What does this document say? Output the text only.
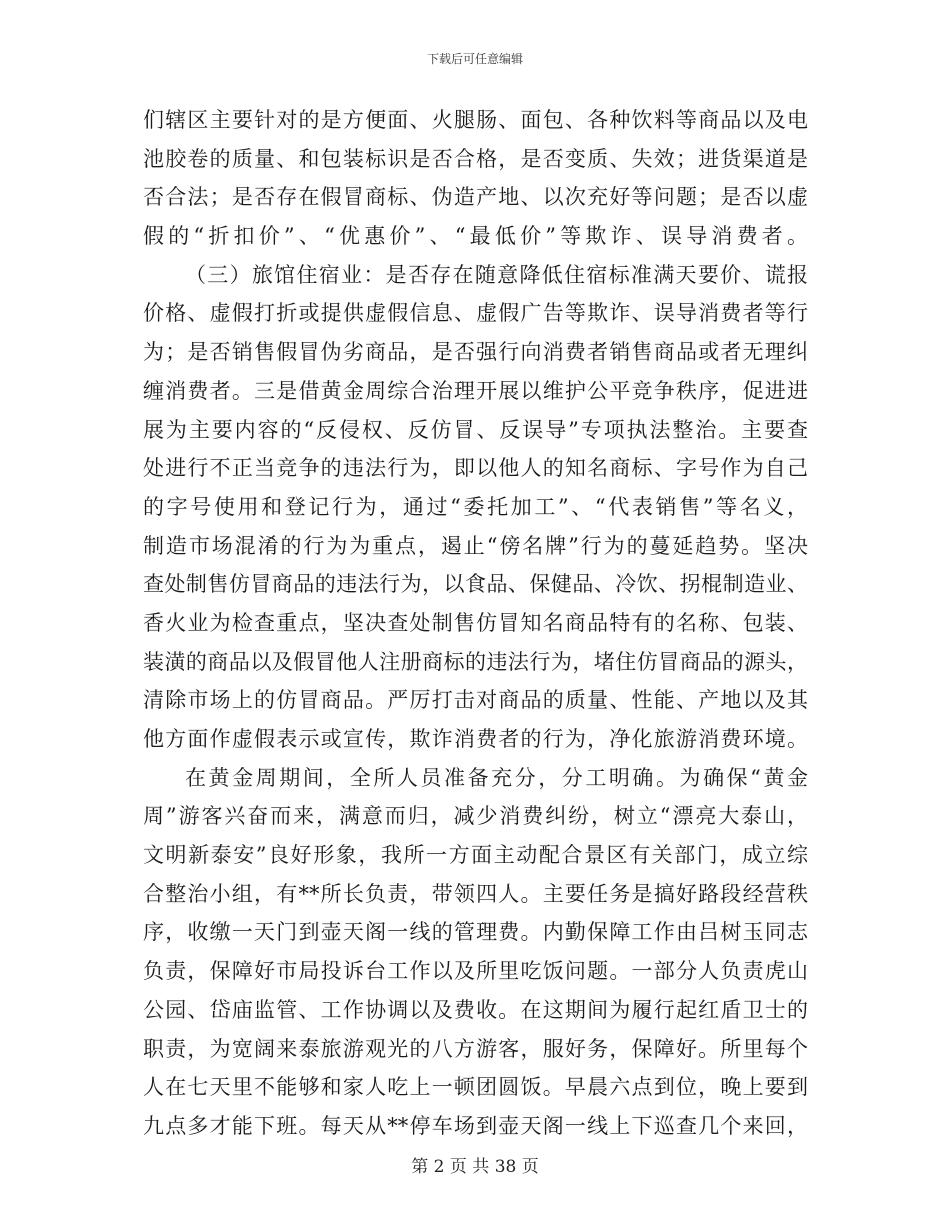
下载后可任意编辑
们辖区主要针对的是方便面、火腿肠、面包、各种饮料等商品以及电
池胶卷的质量、和包装标识是否合格，是否变质、失效；进货渠道是
否合法；是否存在假冒商标、伪造产地、以次充好等问题；是否以虚
假的“折扣价”、“优惠价”、“最低价”等欺诈、误导消费者。
（三）旅馆住宿业：是否存在随意降低住宿标准满天要价、谎报
价格、虚假打折或提供虚假信息、虚假广告等欺诈、误导消费者等行
为；是否销售假冒伪劣商品，是否强行向消费者销售商品或者无理纠
缠消费者。三是借黄金周综合治理开展以维护公平竞争秩序，促进进
展为主要内容的“反侵权、反仿冒、反误导”专项执法整治。主要查
处进行不正当竞争的违法行为，即以他人的知名商标、字号作为自己
的字号使用和登记行为，通过“委托加工”、“代表销售”等名义，
制造市场混淆的行为为重点，遏止“傍名牌”行为的蔓延趋势。坚决
查处制售仿冒商品的违法行为，以食品、保健品、冷饮、拐棍制造业、
香火业为检查重点，坚决查处制售仿冒知名商品特有的名称、包装、
装潢的商品以及假冒他人注册商标的违法行为，堵住仿冒商品的源头，
清除市场上的仿冒商品。严厉打击对商品的质量、性能、产地以及其
他方面作虚假表示或宣传，欺诈消费者的行为，净化旅游消费环境。
在黄金周期间，全所人员准备充分，分工明确。为确保“黄金
周”游客兴奋而来，满意而归，减少消费纠纷，树立“漂亮大泰山，
文明新泰安”良好形象，我所一方面主动配合景区有关部门，成立综
合整治小组，有**所长负责，带领四人。主要任务是搞好路段经营秩
序，收缴一天门到壶天阁一线的管理费。内勤保障工作由吕树玉同志
负责，保障好市局投诉台工作以及所里吃饭问题。一部分人负责虎山
公园、岱庙监管、工作协调以及费收。在这期间为履行起红盾卫士的
职责，为宽阔来泰旅游观光的八方游客，服好务，保障好。所里每个
人在七天里不能够和家人吃上一顿团圆饭。早晨六点到位，晚上要到
九点多才能下班。每天从**停车场到壶天阁一线上下巡查几个来回，
第 2 页 共 38 页
